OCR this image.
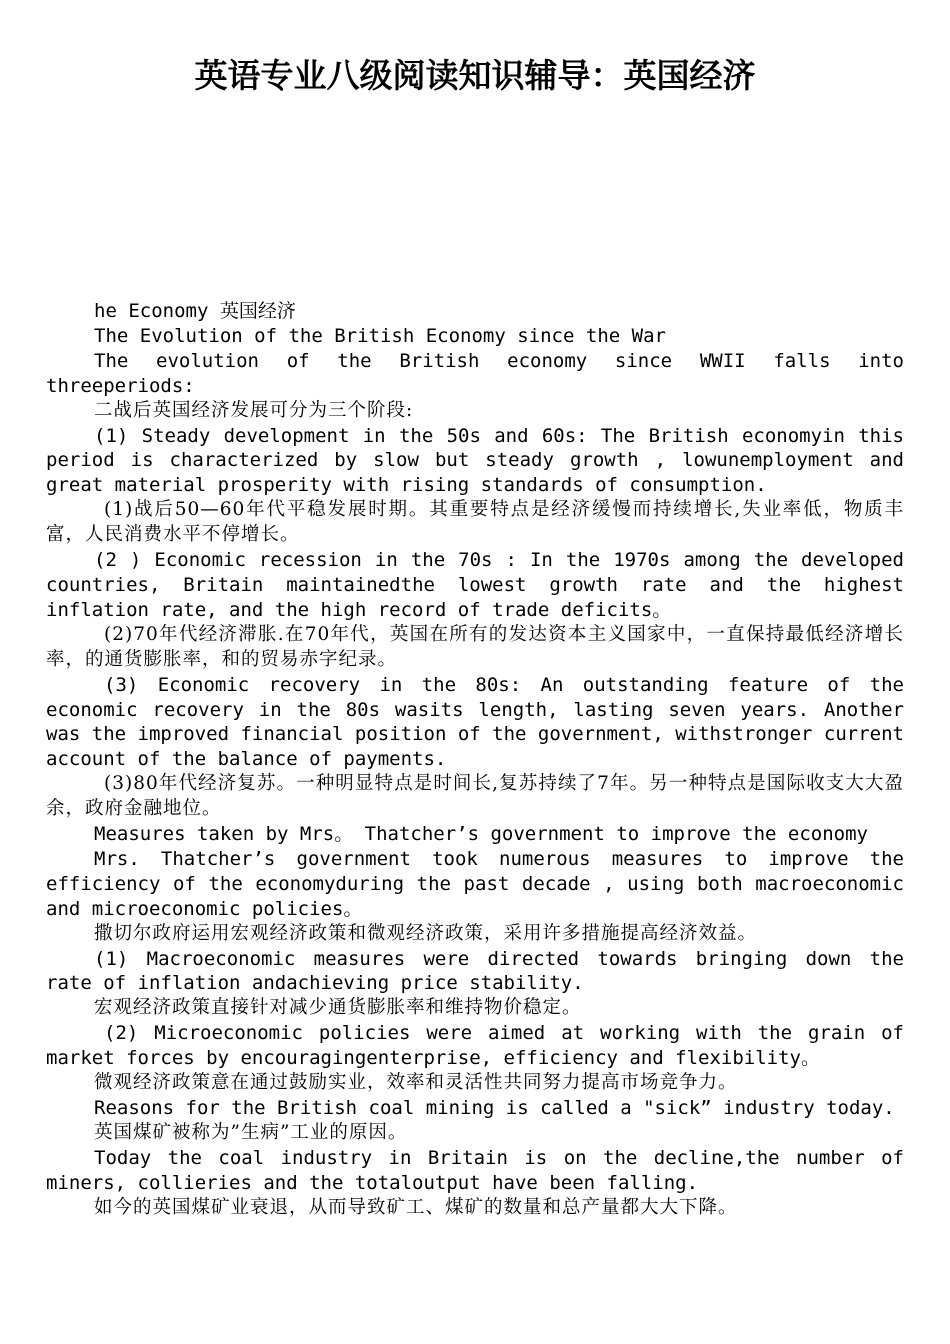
英语专业八级阅读知识辅导：英国经济

he Economy 英国经济

The Evolution of the British Economy since the War

The evolution of the British economy since WWII falls into threeperiods:

二战后英国经济发展可分为三个阶段:

(1) Steady development in the 50s and 60s: The British economyin this period is characterized by slow but steady growth , lowunemployment and great material prosperity with rising standards of consumption.

(1)战后50—60年代平稳发展时期。其重要特点是经济缓慢而持续增长,失业率低，物质丰富，人民消费水平不停增长。

(2 ) Economic recession in the 70s : In the 1970s among the developed countries, Britain maintainedthe lowest growth rate and the highest inflation rate, and the high record of trade deficits。

(2)70年代经济滞胀.在70年代，英国在所有的发达资本主义国家中，一直保持最低经济增长率，的通货膨胀率，和的贸易赤字纪录。

(3) Economic recovery in the 80s: An outstanding feature of the economic recovery in the 80s wasits length, lasting seven years. Another was the improved financial position of the government, withstronger current account of the balance of payments.

(3)80年代经济复苏。一种明显特点是时间长,复苏持续了7年。另一种特点是国际收支大大盈余，政府金融地位。

Measures taken by Mrs。 Thatcher’s government to improve the economy

Mrs. Thatcher’s government took numerous measures to improve the efficiency of the economyduring the past decade , using both macroeconomic and microeconomic policies。

撒切尔政府运用宏观经济政策和微观经济政策，采用许多措施提高经济效益。

(1) Macroeconomic measures were directed towards bringing down the rate of inflation andachieving price stability.

宏观经济政策直接针对减少通货膨胀率和维持物价稳定。

(2) Microeconomic policies were aimed at working with the grain of market forces by encouragingenterprise, efficiency and flexibility。

微观经济政策意在通过鼓励实业，效率和灵活性共同努力提高市场竞争力。

Reasons for the British coal mining is called a "sick” industry today.

英国煤矿被称为”生病”工业的原因。

Today the coal industry in Britain is on the decline,the number of miners, collieries and the totaloutput have been falling.

如今的英国煤矿业衰退，从而导致矿工、煤矿的数量和总产量都大大下降。
